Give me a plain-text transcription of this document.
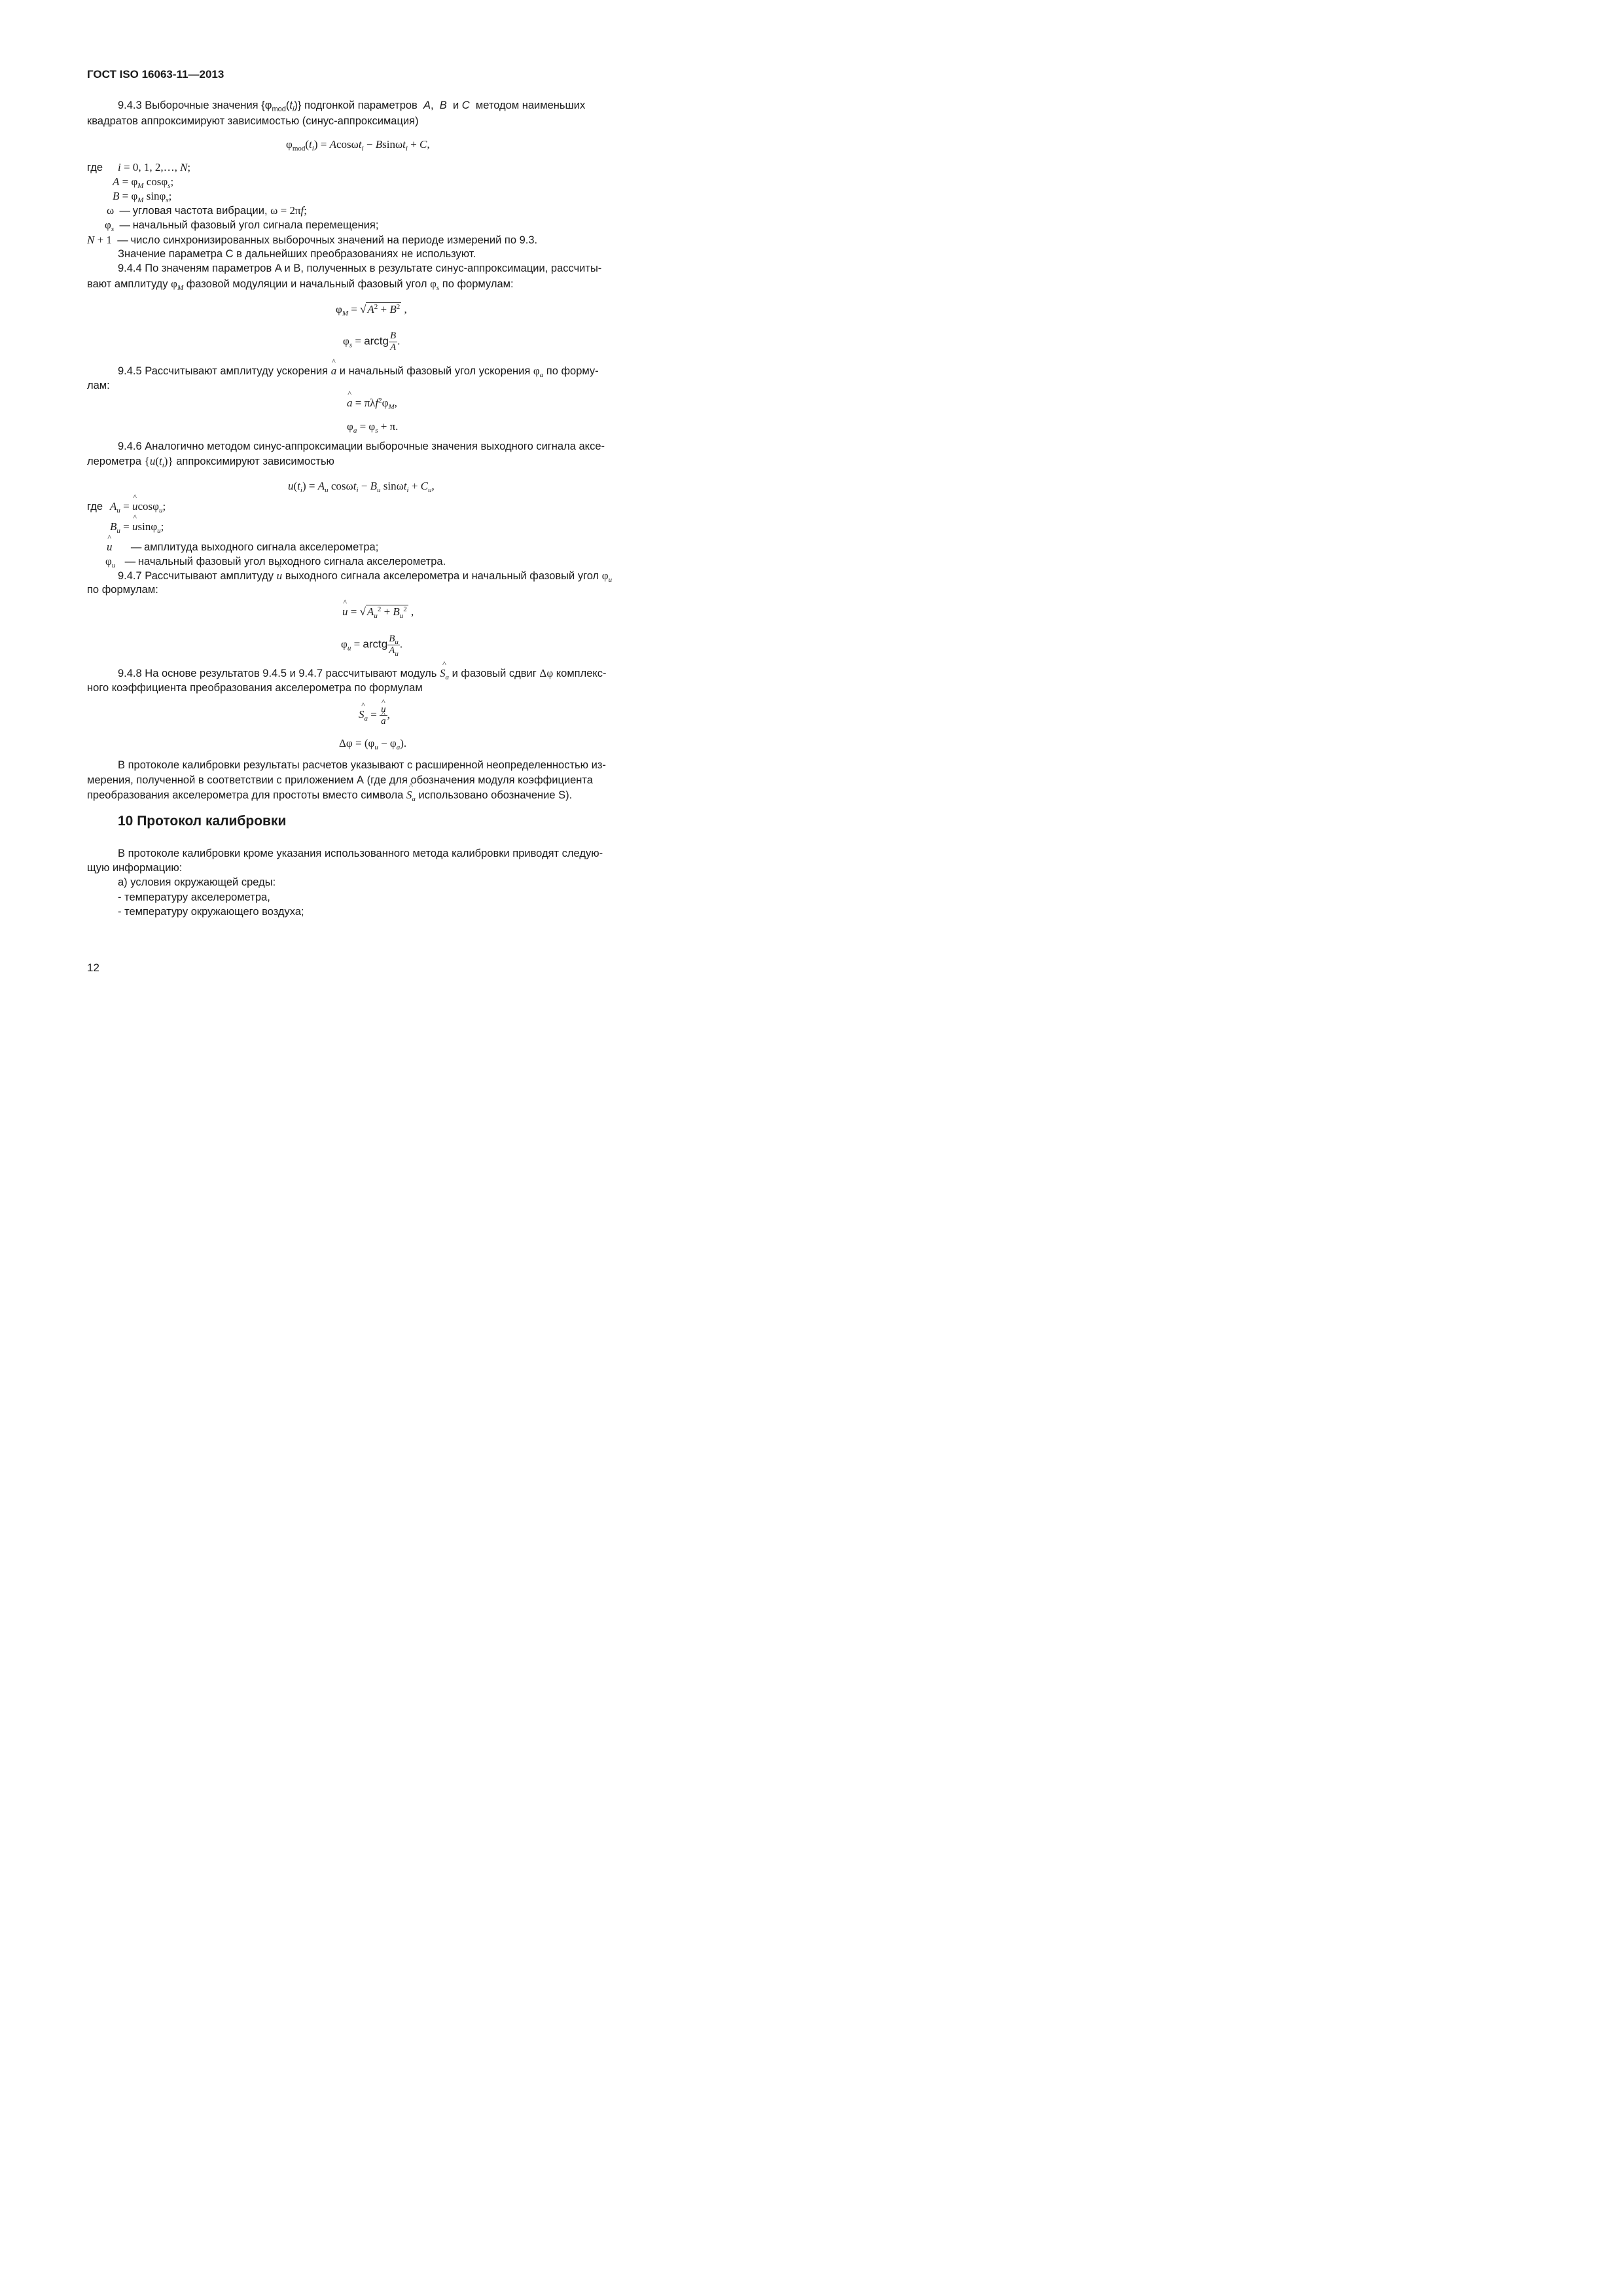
ГОСТ ISO 16063-11—2013
9.4.3 Выборочные значения $\{\varphi_{mod}(t_i)\}$ подгонкой параметров  A,  B  и C методом наименьших
квадратов аппроксимируют зависимостью (синус-аппроксимация)
$\varphi_{mod}(t_i) = Acos\omega t_i - Bsin\omega t_i + C$,
где i = 0, 1, 2,…, N;
$A = \varphi_M$ cosφ$_s$;
$B = \varphi_M$ sinφ$_s$;
ω — угловая частота вибрации, ω = 2πf;
$\varphi_s$ — начальный фазовый угол сигнала перемещения;
N + 1 — число синхронизированных выборочных значений на периоде измерений по 9.3.
Значение параметра C в дальнейших преобразованиях не используют.
9.4.4 По значеням параметров A и B, полученных в результате синус-аппроксимации, рассчиты-
вают амплитуду $\varphi_M$ фазовой модуляции и начальный фазовый угол $\varphi_s$ по формулам:
$\varphi_M$ = √ $A^2 + B^2$ ,
$\varphi_s$ = arctg $\frac{B}{A}$ .
9.4.5 Рассчитывают амплитуду ускорения ^ a и начальный фазовый угол ускорения $\varphi_a$ по форму-
лам:
^ $a = \pi\lambda f^2\varphi_M$,
$\varphi_a = \varphi_s + \pi$.
9.4.6 Аналогично методом синус-аппроксимации выборочные значения выходного сигнала аксе-
лерометра $\{u(t_i)\}$ аппроксимируют зависимостью
$u(t_i) = A_u$ $\cos\omega t_i - B_u$ $\sin\omega t_i + C_u$,
где $A_u$ = ^ ucosφ$_u$;
$B_u$ = ^ usinφ$_u$;
^ u — амплитуда выходного сигнала акселерометра;
$\varphi_u$ — начальный фазовый угол выходного сигнала акселерометра.
9.4.7 Рассчитывают амплитуду ^ u выходного сигнала акселерометра и начальный фазовый угол $\varphi_u$
по формулам:
^ u = √ $A_u^2 + B_u^2$ ,
$\varphi_u$ = arctg $\frac{B_u}{A_u}$ .
9.4.8 На основе результатов 9.4.5 и 9.4.7 рассчитывают модуль ^ $S_a$ и фазовый сдвиг Δφ комплекс-
ного коэффициента преобразования акселерометра по формулам
^ $S_a$ = ^ u
^ a ,
$\Delta\varphi = (\varphi_u - \varphi_a)$.
В протоколе калибровки результаты расчетов указывают с расширенной неопределенностью из-
мерения, полученной в соответствии с приложением А (где для обозначения модуля коэффициента
преобразования акселерометра для простоты вместо символа ^ $S_a$ использовано обозначение S).
10 Протокол калибровки
В протоколе калибровки кроме указания использованного метода калибровки приводят следую-
щую информацию:
а) условия окружающей среды:
- температуру акселерометра,
- температуру окружающего воздуха;
12
